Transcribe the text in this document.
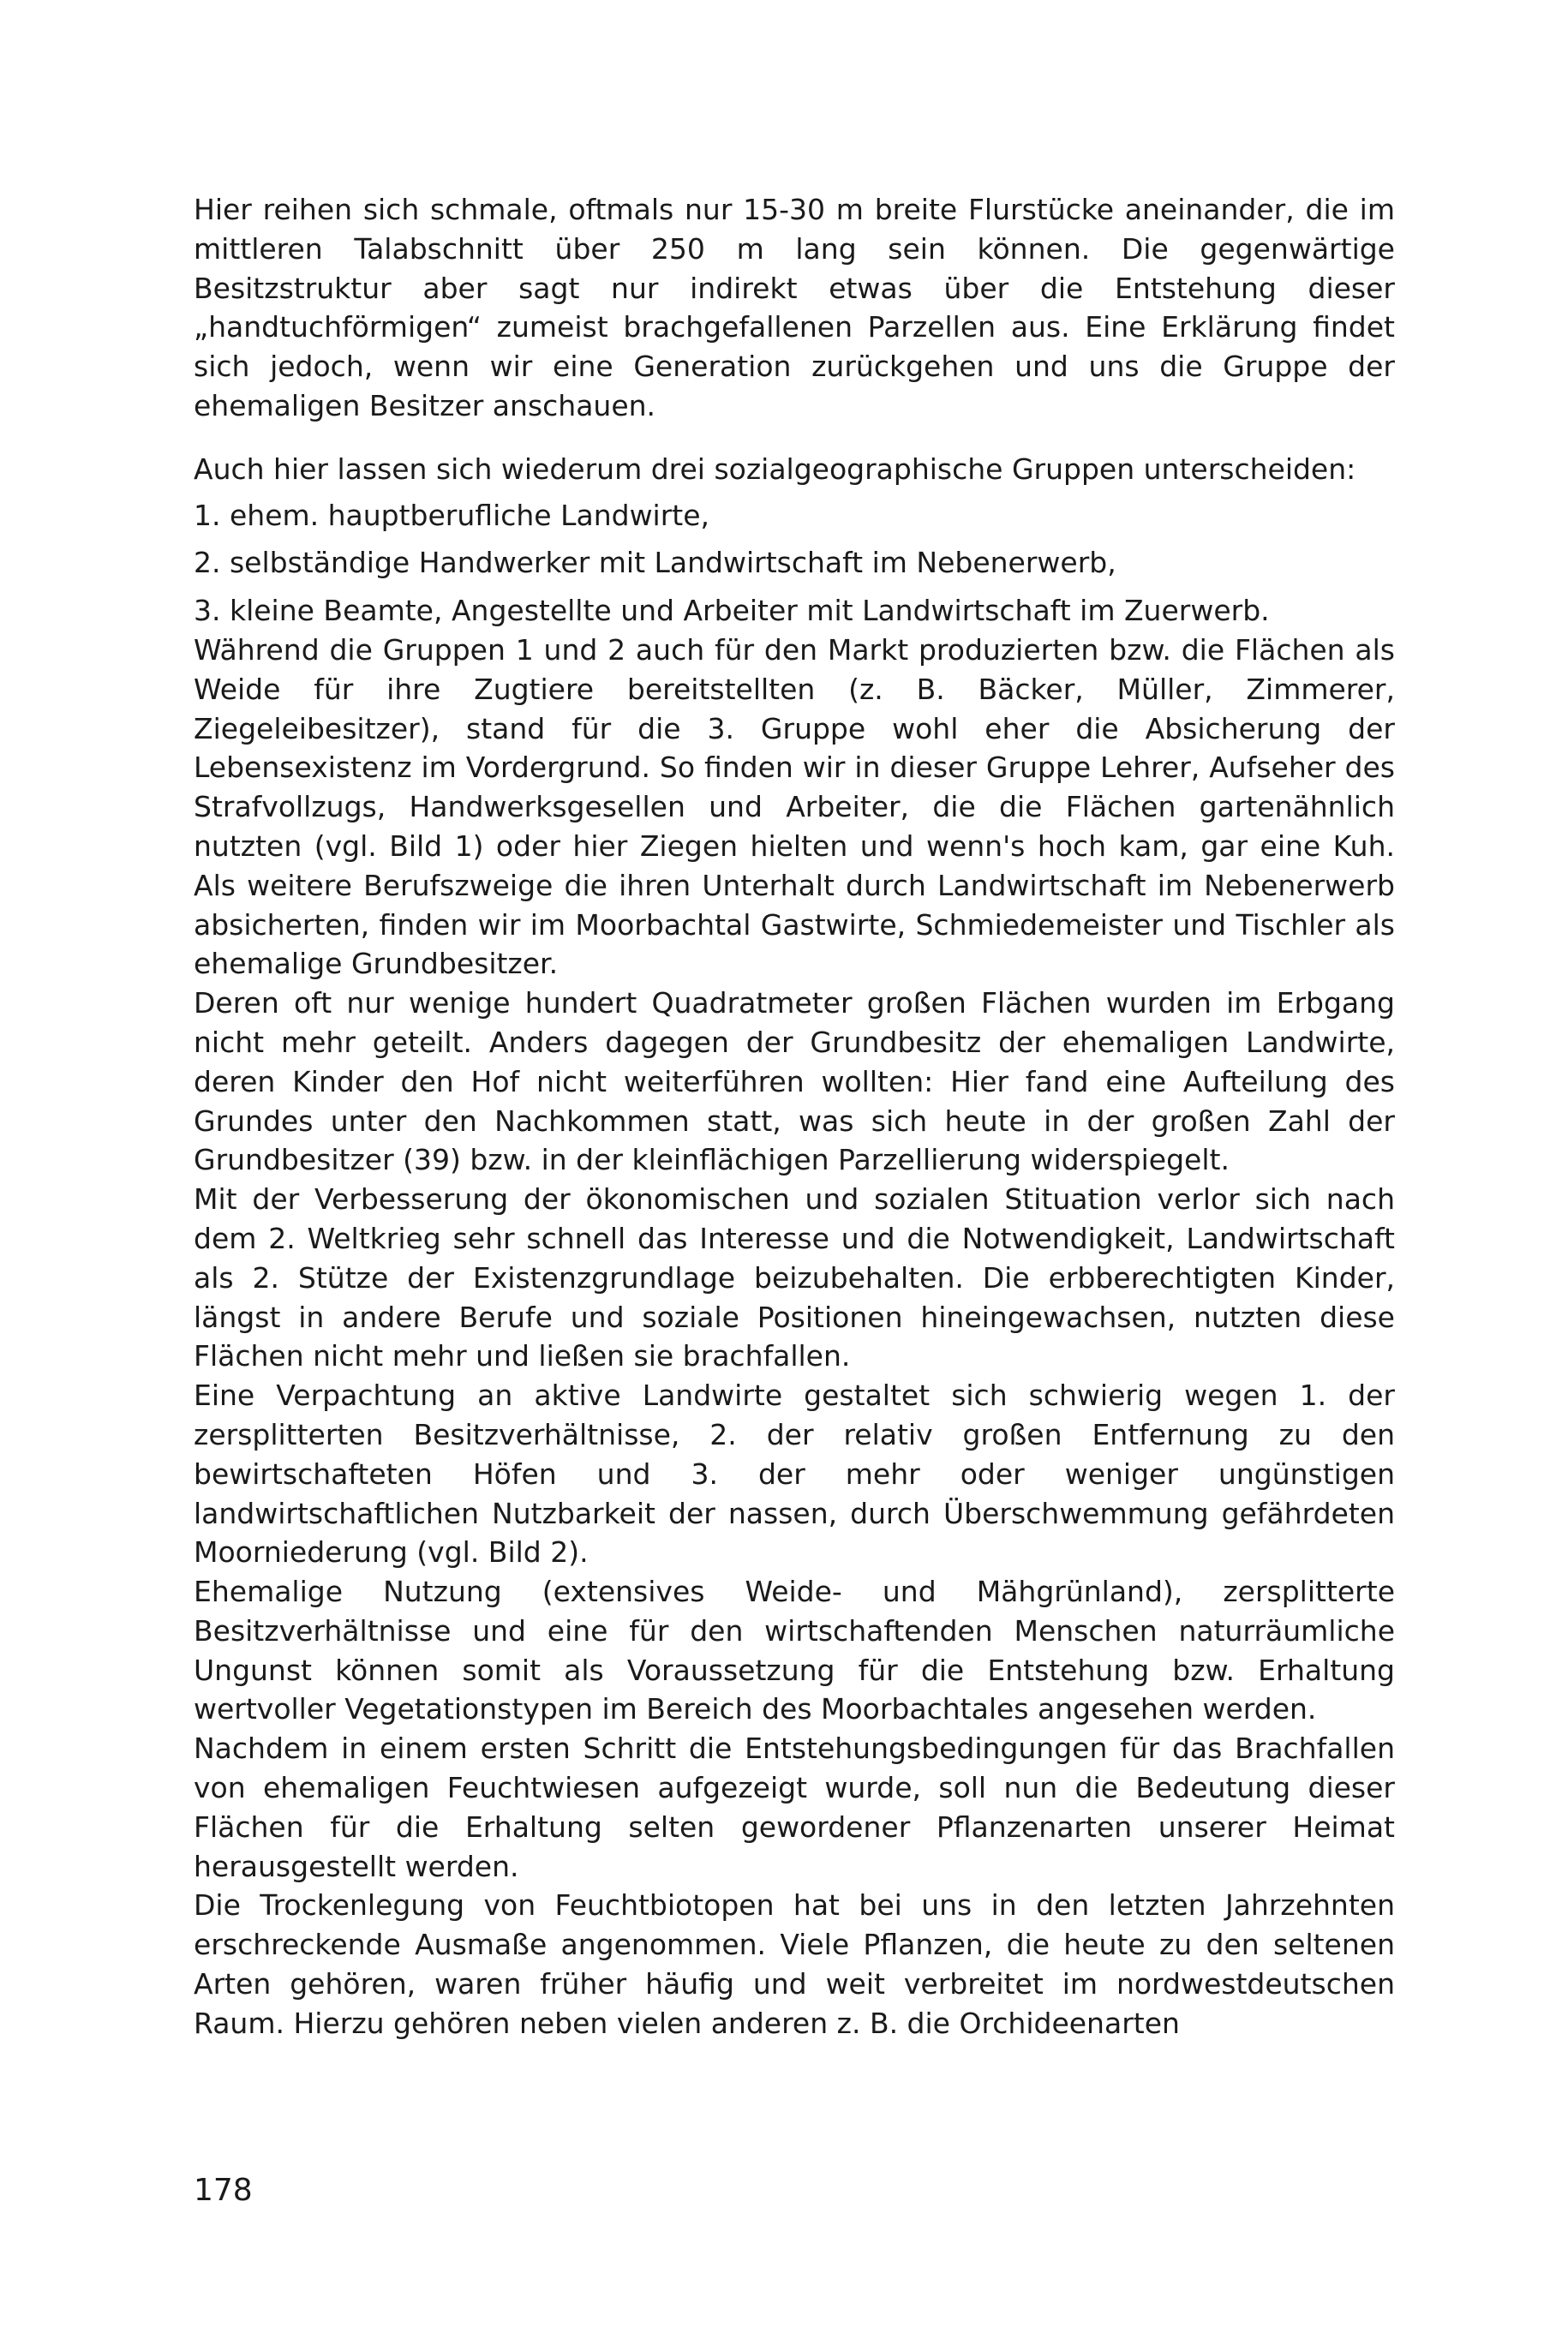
Hier reihen sich schmale, oftmals nur 15-30 m breite Flurstücke aneinander, die im mittleren Talabschnitt über 250 m lang sein können. Die gegenwärtige Besitzstruktur aber sagt nur indirekt etwas über die Entstehung dieser „handtuchförmigen“ zumeist brachgefallenen Parzellen aus. Eine Erklärung findet sich jedoch, wenn wir eine Generation zurückgehen und uns die Gruppe der ehemaligen Besitzer anschauen.

Auch hier lassen sich wiederum drei sozialgeographische Gruppen unterscheiden:

1. ehem. hauptberufliche Landwirte,

2. selbständige Handwerker mit Landwirtschaft im Nebenerwerb,

3. kleine Beamte, Angestellte und Arbeiter mit Landwirtschaft im Zuerwerb.

Während die Gruppen 1 und 2 auch für den Markt produzierten bzw. die Flächen als Weide für ihre Zugtiere bereitstellten (z. B. Bäcker, Müller, Zimmerer, Ziegeleibesitzer), stand für die 3. Gruppe wohl eher die Absicherung der Lebensexistenz im Vordergrund. So finden wir in dieser Gruppe Lehrer, Aufseher des Strafvollzugs, Handwerksgesellen und Arbeiter, die die Flächen gartenähnlich nutzten (vgl. Bild 1) oder hier Ziegen hielten und wenn's hoch kam, gar eine Kuh. Als weitere Berufszweige die ihren Unterhalt durch Landwirtschaft im Nebenerwerb absicherten, finden wir im Moorbachtal Gastwirte, Schmiedemeister und Tischler als ehemalige Grundbesitzer.

Deren oft nur wenige hundert Quadratmeter großen Flächen wurden im Erbgang nicht mehr geteilt. Anders dagegen der Grundbesitz der ehemaligen Landwirte, deren Kinder den Hof nicht weiterführen wollten: Hier fand eine Aufteilung des Grundes unter den Nachkommen statt, was sich heute in der großen Zahl der Grundbesitzer (39) bzw. in der kleinflächigen Parzellierung widerspiegelt.

Mit der Verbesserung der ökonomischen und sozialen Stituation verlor sich nach dem 2. Weltkrieg sehr schnell das Interesse und die Notwendigkeit, Landwirtschaft als 2. Stütze der Existenzgrundlage beizubehalten. Die erbberechtigten Kinder, längst in andere Berufe und soziale Positionen hineingewachsen, nutzten diese Flächen nicht mehr und ließen sie brachfallen.

Eine Verpachtung an aktive Landwirte gestaltet sich schwierig wegen 1. der zersplitterten Besitzverhältnisse, 2. der relativ großen Entfernung zu den bewirtschafteten Höfen und 3. der mehr oder weniger ungünstigen landwirtschaftlichen Nutzbarkeit der nassen, durch Überschwemmung gefährdeten Moorniederung (vgl. Bild 2).

Ehemalige Nutzung (extensives Weide- und Mähgrünland), zersplitterte Besitzverhältnisse und eine für den wirtschaftenden Menschen naturräumliche Ungunst können somit als Voraussetzung für die Entstehung bzw. Erhaltung wertvoller Vegetationstypen im Bereich des Moorbachtales angesehen werden.

Nachdem in einem ersten Schritt die Entstehungsbedingungen für das Brachfallen von ehemaligen Feuchtwiesen aufgezeigt wurde, soll nun die Bedeutung dieser Flächen für die Erhaltung selten gewordener Pflanzenarten unserer Heimat herausgestellt werden.

Die Trockenlegung von Feuchtbiotopen hat bei uns in den letzten Jahrzehnten erschreckende Ausmaße angenommen. Viele Pflanzen, die heute zu den seltenen Arten gehören, waren früher häufig und weit verbreitet im nordwestdeutschen Raum. Hierzu gehören neben vielen anderen z. B. die Orchideenarten

178
